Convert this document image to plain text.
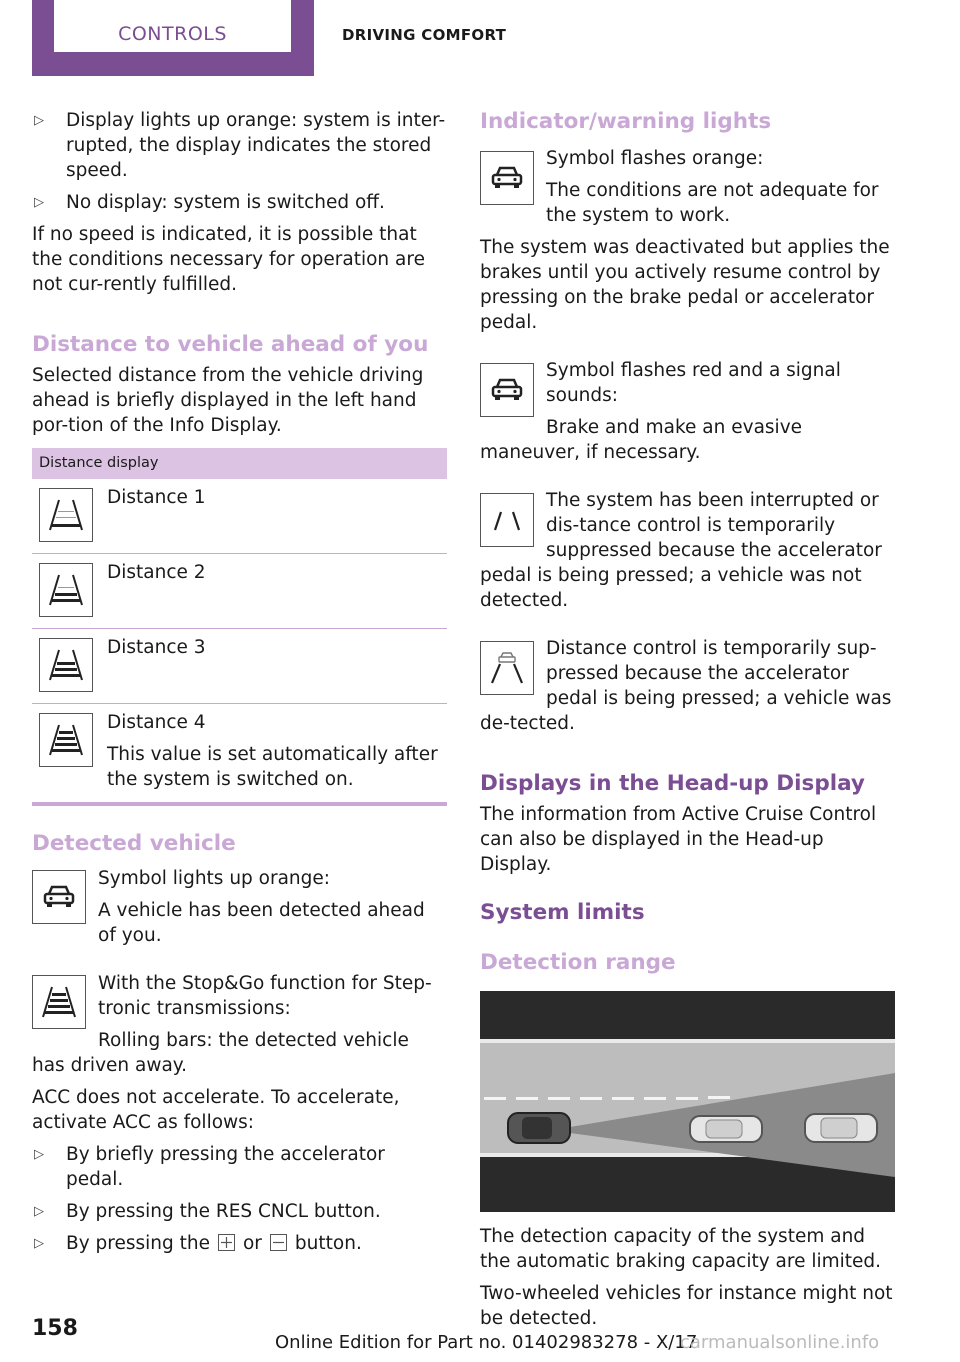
CONTROLS	DRIVING COMFORT
▷ Display lights up orange: system is inter-rupted, the display indicates the stored speed.
▷ No display: system is switched off.

If no speed is indicated, it is possible that the conditions necessary for operation are not cur-rently fulfilled.

Distance to vehicle ahead of you

Selected distance from the vehicle driving ahead is briefly displayed in the left hand por-tion of the Info Display.

Distance display

Distance 1

Distance 2

Distance 3

Distance 4

This value is set automatically after the system is switched on.

Detected vehicle

Symbol lights up orange:

A vehicle has been detected ahead of you.

With the Stop&Go function for Step-tronic transmissions:

Rolling bars: the detected vehicle has driven away.

ACC does not accelerate. To accelerate, activate ACC as follows:

▷ By briefly pressing the accelerator pedal.
▷ By pressing the RES CNCL button.
▷ By pressing the or button.
Indicator/warning lights

Symbol flashes orange:

The conditions are not adequate for the system to work.

The system was deactivated but applies the brakes until you actively resume control by pressing on the brake pedal or accelerator pedal.

Symbol flashes red and a signal sounds:

Brake and make an evasive maneuver, if necessary.

The system has been interrupted or dis-tance control is temporarily suppressed because the accelerator pedal is being pressed; a vehicle was not detected.

Distance control is temporarily sup-pressed because the accelerator pedal is being pressed; a vehicle was de-tected.

Displays in the Head-up Display

The information from Active Cruise Control can also be displayed in the Head-up Display.

System limits
Detection range

The detection capacity of the system and the automatic braking capacity are limited.

Two-wheeled vehicles for instance might not be detected.

158
Online Edition for Part no. 01402983278 - X/17
carmanualsonline.info
